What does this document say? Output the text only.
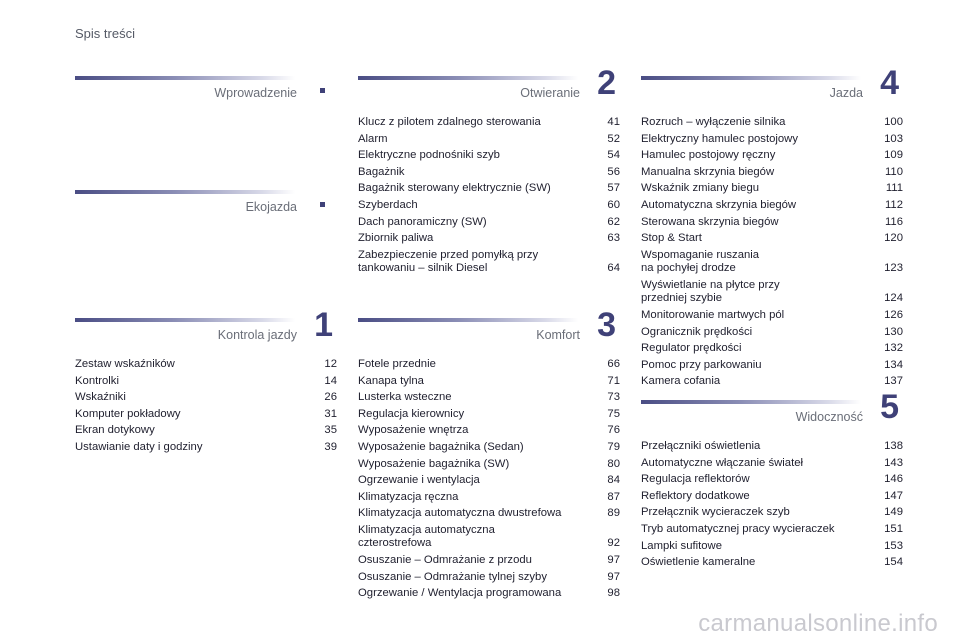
Spis treści
Wprowadzenie
Ekojazda
Kontrola jazdy 1
Zestaw wskaźników	12
Kontrolki	14
Wskaźniki	26
Komputer pokładowy	31
Ekran dotykowy	35
Ustawianie daty i godziny	39
Otwieranie 2
Klucz z pilotem zdalnego sterowania	41
Alarm	52
Elektryczne podnośniki szyb	54
Bagażnik	56
Bagażnik sterowany elektrycznie (SW)	57
Szyberdach	60
Dach panoramiczny (SW)	62
Zbiornik paliwa	63
Zabezpieczenie przed pomyłką przy
tankowaniu – silnik Diesel	64
Komfort 3
Fotele przednie	66
Kanapa tylna	71
Lusterka wsteczne	73
Regulacja kierownicy	75
Wyposażenie wnętrza	76
Wyposażenie bagażnika (Sedan)	79
Wyposażenie bagażnika (SW)	80
Ogrzewanie i wentylacja	84
Klimatyzacja ręczna	87
Klimatyzacja automatyczna dwustrefowa	89
Klimatyzacja automatyczna
czterostrefowa	92
Osuszanie – Odmrażanie z przodu	97
Osuszanie – Odmrażanie tylnej szyby	97
Ogrzewanie / Wentylacja programowana	98
Jazda 4
Rozruch – wyłączenie silnika	100
Elektryczny hamulec postojowy	103
Hamulec postojowy ręczny	109
Manualna skrzynia biegów	110
Wskaźnik zmiany biegu	111
Automatyczna skrzynia biegów	112
Sterowana skrzynia biegów	116
Stop & Start	120
Wspomaganie ruszania
na pochyłej drodze	123
Wyświetlanie na płytce przy
przedniej szybie	124
Monitorowanie martwych pól	126
Ogranicznik prędkości	130
Regulator prędkości	132
Pomoc przy parkowaniu	134
Kamera cofania	137
Widoczność 5
Przełączniki oświetlenia	138
Automatyczne włączanie świateł	143
Regulacja reflektorów	146
Reflektory dodatkowe	147
Przełącznik wycieraczek szyb	149
Tryb automatycznej pracy wycieraczek	151
Lampki sufitowe	153
Oświetlenie kameralne	154
carmanualsonline.info
